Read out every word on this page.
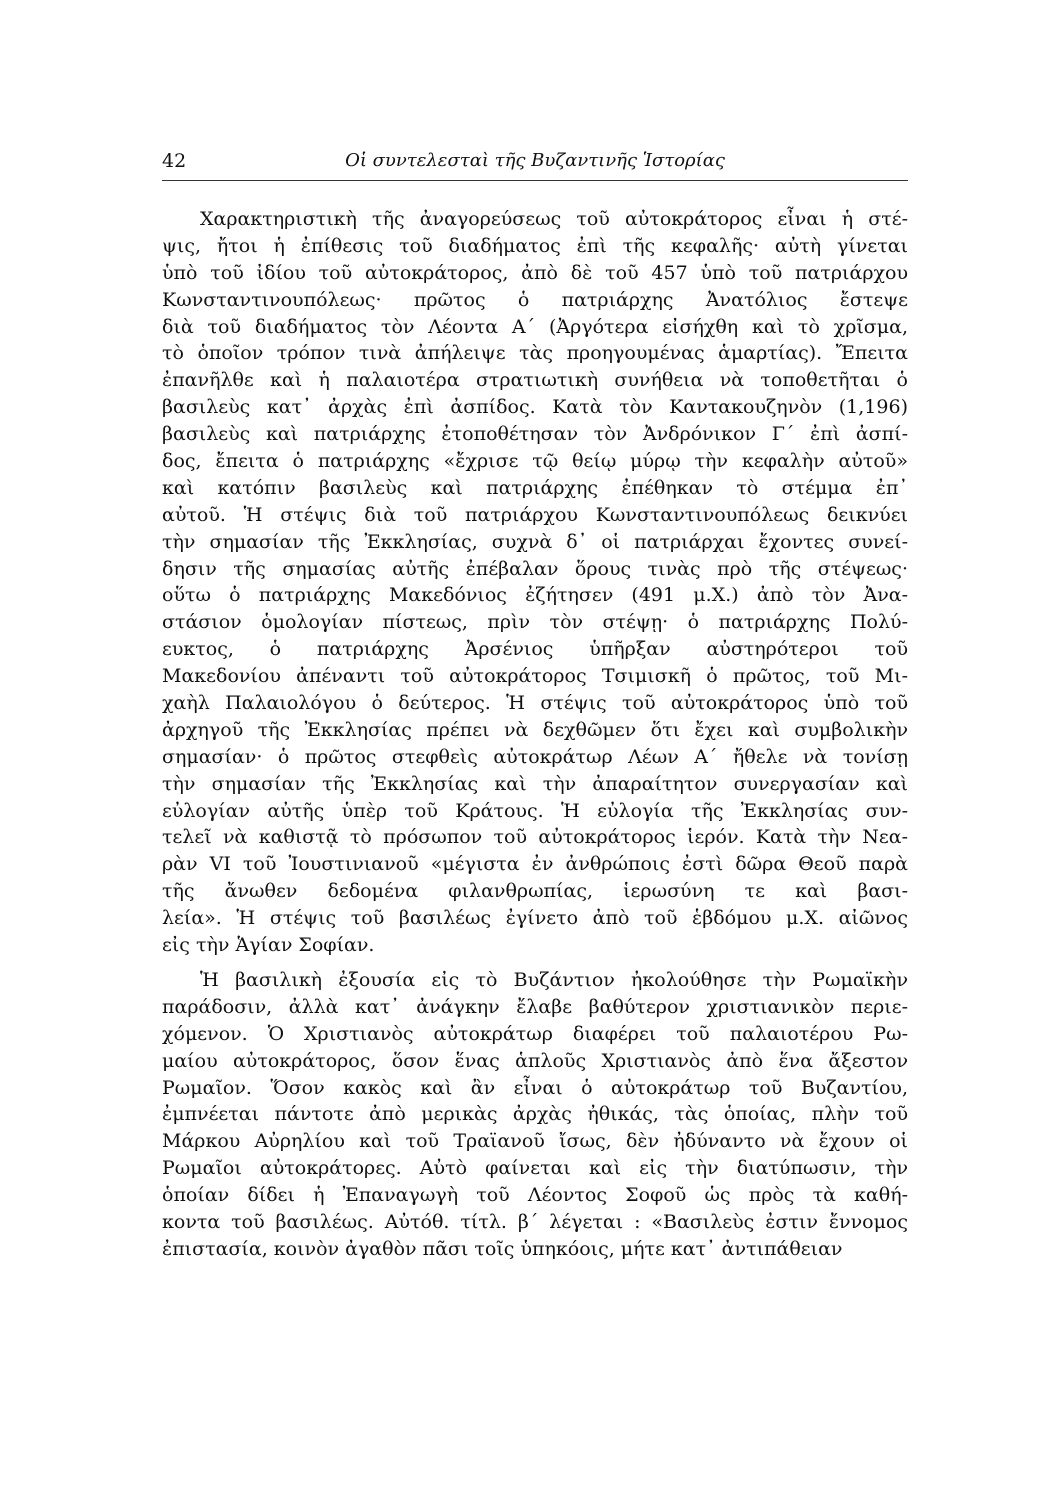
42	Οἱ συντελεσταὶ τῆς Βυζαντινῆς Ἱστορίας
Χαρακτηριστικὴ τῆς ἀναγορεύσεως τοῦ αὐτοκράτορος εἶναι ἡ στέ-
ψις, ἤτοι ἡ ἐπίθεσις τοῦ διαδήματος ἐπὶ τῆς κεφαλῆς· αὐτὴ γίνεται
ὑπὸ τοῦ ἰδίου τοῦ αὐτοκράτορος, ἀπὸ δὲ τοῦ 457 ὑπὸ τοῦ πατριάρχου
Κωνσταντινουπόλεως· πρῶτος ὁ πατριάρχης Ἀνατόλιος ἔστεψε
διὰ τοῦ διαδήματος τὸν Λέοντα Α΄ (Ἀργότερα εἰσήχθη καὶ τὸ χρῖσμα,
τὸ ὁποῖον τρόπον τινὰ ἀπήλειψε τὰς προηγουμένας ἁμαρτίας). Ἔπειτα
ἐπανῆλθε καὶ ἡ παλαιοτέρα στρατιωτικὴ συνήθεια νὰ τοποθετῆται ὁ
βασιλεὺς κατ᾽ ἀρχὰς ἐπὶ ἀσπίδος. Κατὰ τὸν Καντακουζηνὸν (1,196)
βασιλεὺς καὶ πατριάρχης ἐτοποθέτησαν τὸν Ἀνδρόνικον Γ΄ ἐπὶ ἀσπί-
δος, ἔπειτα ὁ πατριάρχης «ἔχρισε τῷ θείῳ μύρῳ τὴν κεφαλὴν αὐτοῦ»
καὶ κατόπιν βασιλεὺς καὶ πατριάρχης ἐπέθηκαν τὸ στέμμα ἐπ᾽
αὐτοῦ. Ἡ στέψις διὰ τοῦ πατριάρχου Κωνσταντινουπόλεως δεικνύει
τὴν σημασίαν τῆς Ἐκκλησίας, συχνὰ δ᾽ οἱ πατριάρχαι ἔχοντες συνεί-
δησιν τῆς σημασίας αὐτῆς ἐπέβαλαν ὅρους τινὰς πρὸ τῆς στέψεως·
οὕτω ὁ πατριάρχης Μακεδόνιος ἐζήτησεν (491 μ.Χ.) ἀπὸ τὸν Ἀνα-
στάσιον ὁμολογίαν πίστεως, πρὶν τὸν στέψῃ· ὁ πατριάρχης Πολύ-
ευκτος, ὁ πατριάρχης Ἀρσένιος ὑπῆρξαν αὐστηρότεροι τοῦ
Μακεδονίου ἀπέναντι τοῦ αὐτοκράτορος Τσιμισκῆ ὁ πρῶτος, τοῦ Μι-
χαὴλ Παλαιολόγου ὁ δεύτερος. Ἡ στέψις τοῦ αὐτοκράτορος ὑπὸ τοῦ
ἀρχηγοῦ τῆς Ἐκκλησίας πρέπει νὰ δεχθῶμεν ὅτι ἔχει καὶ συμβολικὴν
σημασίαν· ὁ πρῶτος στεφθεὶς αὐτοκράτωρ Λέων Α΄ ἤθελε νὰ τονίσῃ
τὴν σημασίαν τῆς Ἐκκλησίας καὶ τὴν ἀπαραίτητον συνεργασίαν καὶ
εὐλογίαν αὐτῆς ὑπὲρ τοῦ Κράτους. Ἡ εὐλογία τῆς Ἐκκλησίας συν-
τελεῖ νὰ καθιστᾷ τὸ πρόσωπον τοῦ αὐτοκράτορος ἱερόν. Κατὰ τὴν Νεα-
ρὰν VI τοῦ Ἰουστινιανοῦ «μέγιστα ἐν ἀνθρώποις ἐστὶ δῶρα Θεοῦ παρὰ
τῆς ἄνωθεν δεδομένα φιλανθρωπίας, ἱερωσύνη τε καὶ βασι-
λεία». Ἡ στέψις τοῦ βασιλέως ἐγίνετο ἀπὸ τοῦ ἑβδόμου μ.Χ. αἰῶνος
εἰς τὴν Ἁγίαν Σοφίαν.
Ἡ βασιλικὴ ἐξουσία εἰς τὸ Βυζάντιον ἠκολούθησε τὴν Ρωμαϊκὴν
παράδοσιν, ἀλλὰ κατ᾽ ἀνάγκην ἔλαβε βαθύτερον χριστιανικὸν περιε-
χόμενον. Ὁ Χριστιανὸς αὐτοκράτωρ διαφέρει τοῦ παλαιοτέρου Ρω-
μαίου αὐτοκράτορος, ὅσον ἕνας ἁπλοῦς Χριστιανὸς ἀπὸ ἕνα ἄξεστον
Ρωμαῖον. Ὅσον κακὸς καὶ ἂν εἶναι ὁ αὐτοκράτωρ τοῦ Βυζαντίου,
ἐμπνέεται πάντοτε ἀπὸ μερικὰς ἀρχὰς ἠθικάς, τὰς ὁποίας, πλὴν τοῦ
Μάρκου Αὐρηλίου καὶ τοῦ Τραϊανοῦ ἴσως, δὲν ἠδύναντο νὰ ἔχουν οἱ
Ρωμαῖοι αὐτοκράτορες. Αὐτὸ φαίνεται καὶ εἰς τὴν διατύπωσιν, τὴν
ὁποίαν δίδει ἡ Ἐπαναγωγὴ τοῦ Λέοντος Σοφοῦ ὡς πρὸς τὰ καθή-
κοντα τοῦ βασιλέως. Αὐτόθ. τίτλ. β΄ λέγεται : «Βασιλεὺς ἐστιν ἔννομος
ἐπιστασία, κοινὸν ἀγαθὸν πᾶσι τοῖς ὑπηκόοις, μήτε κατ᾽ ἀντιπάθειαν
